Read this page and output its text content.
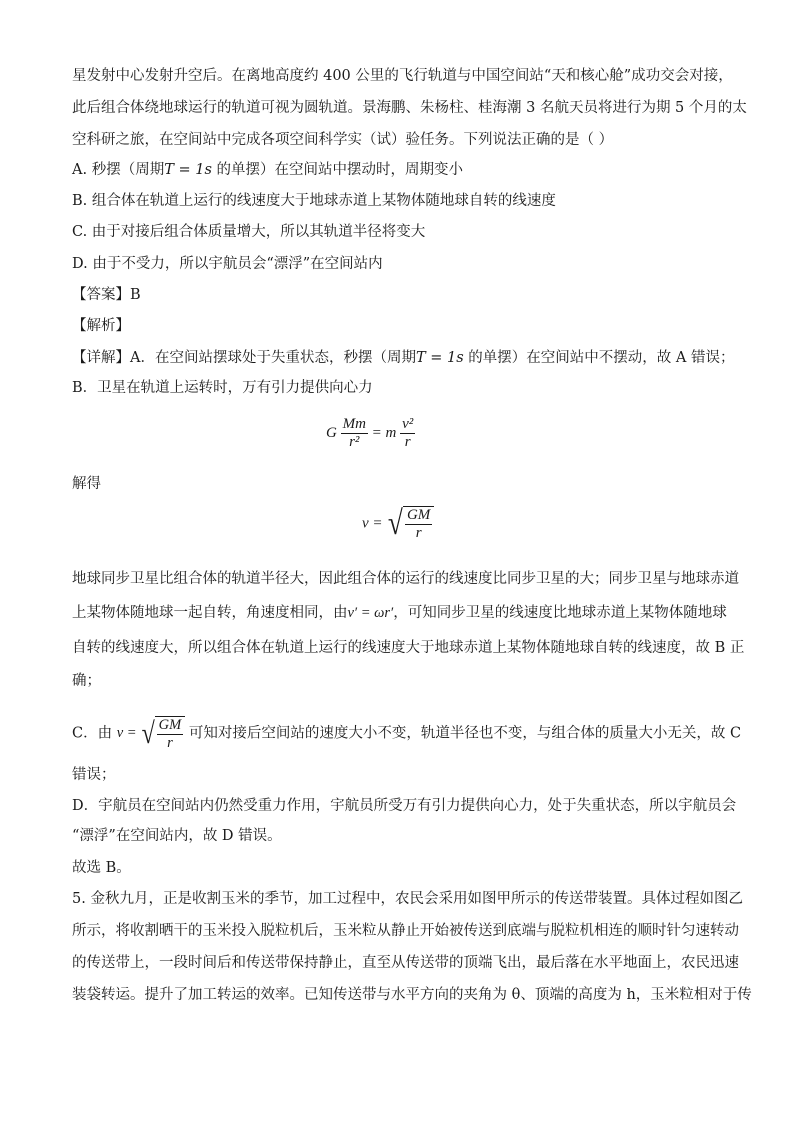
星发射中心发射升空后。在离地高度约 400 公里的飞行轨道与中国空间站“天和核心舱”成功交会对接，
此后组合体绕地球运行的轨道可视为圆轨道。景海鹏、朱杨柱、桂海潮 3 名航天员将进行为期 5 个月的太
空科研之旅，在空间站中完成各项空间科学实（试）验任务。下列说法正确的是（ ）
A. 秒摆（周期T = 1s 的单摆）在空间站中摆动时，周期变小
B. 组合体在轨道上运行的线速度大于地球赤道上某物体随地球自转的线速度
C. 由于对接后组合体质量增大，所以其轨道半径将变大
D. 由于不受力，所以宇航员会“漂浮”在空间站内
【答案】B
【解析】
【详解】A．在空间站摆球处于失重状态，秒摆（周期T = 1s 的单摆）在空间站中不摆动，故 A 错误；
B．卫星在轨道上运转时，万有引力提供向心力
G $\frac{Mm}{\text{r²}} = m \frac{\text{v²}}{r}$
解得
v = √ $\frac{GM}{r}$
地球同步卫星比组合体的轨道半径大，因此组合体的运行的线速度比同步卫星的大；同步卫星与地球赤道
上某物体随地球一起自转，角速度相同，由v′ = ωr′，可知同步卫星的线速度比地球赤道上某物体随地球
自转的线速度大，所以组合体在轨道上运行的线速度大于地球赤道上某物体随地球自转的线速度，故 B 正
确；
C．由 v = √ $\frac{GM}{r}$ 可知对接后空间站的速度大小不变，轨道半径也不变，与组合体的质量大小无关，故 C
错误；
D．宇航员在空间站内仍然受重力作用，宇航员所受万有引力提供向心力，处于失重状态，所以宇航员会
“漂浮”在空间站内，故 D 错误。
故选 B。
5. 金秋九月，正是收割玉米的季节，加工过程中，农民会采用如图甲所示的传送带装置。具体过程如图乙
所示，将收割晒干的玉米投入脱粒机后，玉米粒从静止开始被传送到底端与脱粒机相连的顺时针匀速转动
的传送带上，一段时间后和传送带保持静止，直至从传送带的顶端飞出，最后落在水平地面上，农民迅速
装袋转运。提升了加工转运的效率。已知传送带与水平方向的夹角为 θ、顶端的高度为 h，玉米粒相对于传
